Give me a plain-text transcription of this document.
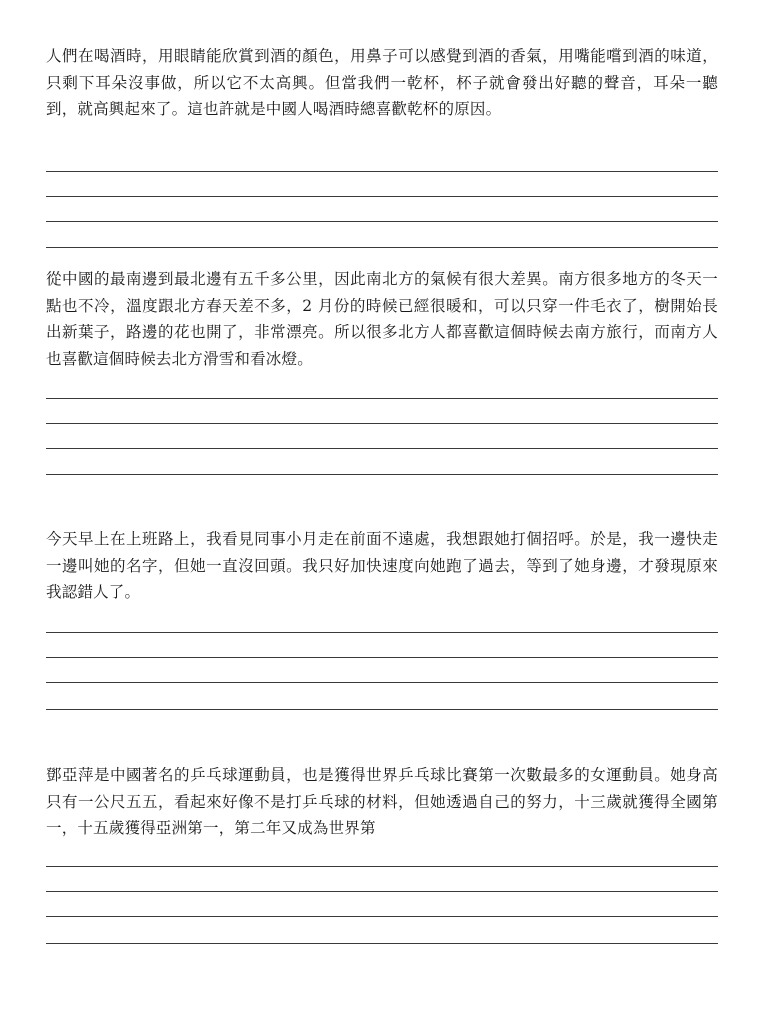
人們在喝酒時，用眼睛能欣賞到酒的顏色，用鼻子可以感覺到酒的香氣，用嘴能嚐到酒的味道，只剩下耳朵沒事做，所以它不太高興。但當我們一乾杯，杯子就會發出好聽的聲音，耳朵一聽到，就高興起來了。這也許就是中國人喝酒時總喜歡乾杯的原因。

從中國的最南邊到最北邊有五千多公里，因此南北方的氣候有很大差異。南方很多地方的冬天一點也不冷，溫度跟北方春天差不多，2 月份的時候已經很暖和，可以只穿一件毛衣了，樹開始長出新葉子，路邊的花也開了，非常漂亮。所以很多北方人都喜歡這個時候去南方旅行，而南方人也喜歡這個時候去北方滑雪和看冰燈。

今天早上在上班路上，我看見同事小月走在前面不遠處，我想跟她打個招呼。於是，我一邊快走一邊叫她的名字，但她一直沒回頭。我只好加快速度向她跑了過去，等到了她身邊，才發現原來我認錯人了。

鄧亞萍是中國著名的乒乓球運動員，也是獲得世界乒乓球比賽第一次數最多的女運動員。她身高只有一公尺五五，看起來好像不是打乒乓球的材料，但她透過自己的努力，十三歲就獲得全國第一，十五歲獲得亞洲第一，第二年又成為世界第
